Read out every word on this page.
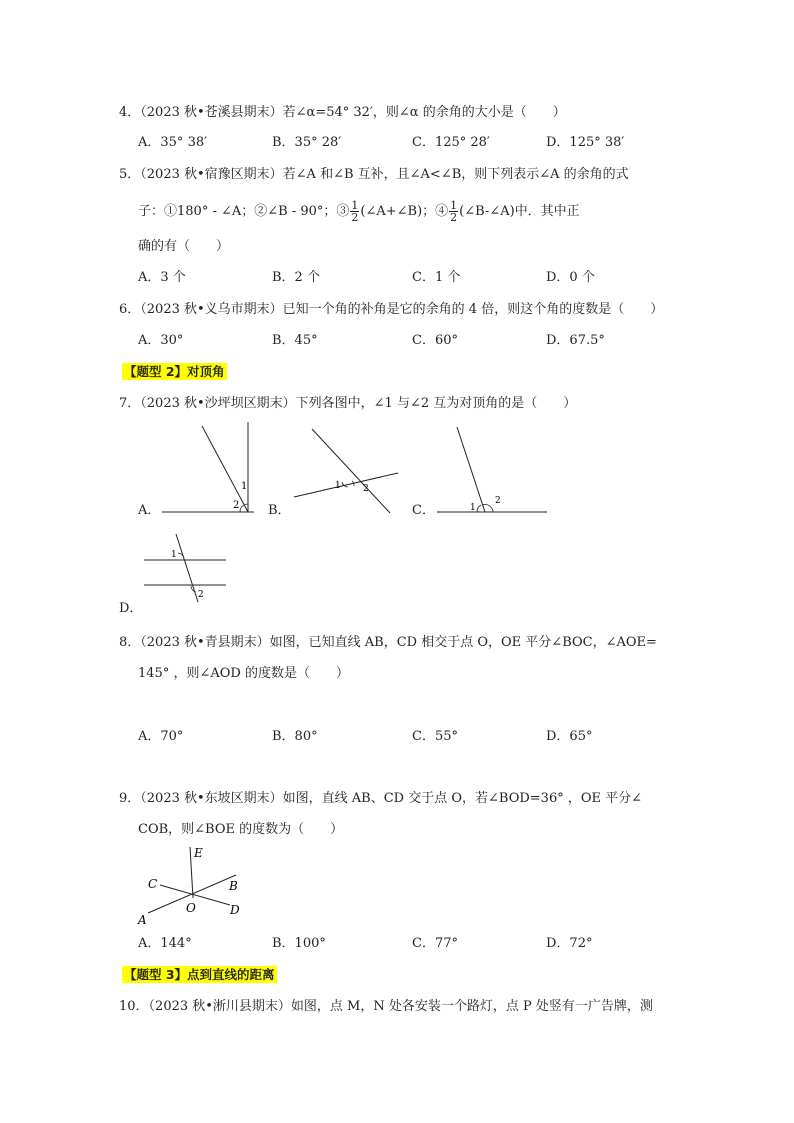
4．（2023 秋•苍溪县期末）若∠α=54° 32′，则∠α 的余角的大小是（　　）
A．35° 38′	B．35° 28′	C．125° 28′	D．125° 38′
5．（2023 秋•宿豫区期末）若∠A 和∠B 互补，且∠A<∠B，则下列表示∠A 的余角的式
子：①180° - ∠A；②∠B - 90°；③ $\frac{1}{2}$ (∠A+∠B)；④ $\frac{1}{2}$ (∠B-∠A)中．其中正
确的有（　　）
A．3 个	B．2 个	C．1 个	D．0 个
6．（2023 秋•义乌市期末）已知一个角的补角是它的余角的 4 倍，则这个角的度数是（　　）
A．30°	B．45°	C．60°	D．67.5°
【题型 2】对顶角
7．（2023 秋•沙坪坝区期末）下列各图中，∠1 与∠2 互为对顶角的是（　　）
A．
1
2 B．
1 2
C．	1
2
D．
1
2
8．（2023 秋•青县期末）如图，已知直线 AB，CD 相交于点 O，OE 平分∠BOC，∠AOE=
145° ，则∠AOD 的度数是（　　）
A．70°	B．80°	C．55°	D．65°
9．（2023 秋•东坡区期末）如图，直线 AB、CD 交于点 O，若∠BOD=36° ，OE 平分∠
COB，则∠BOE 的度数为（　　）
E
C	B
A
O	D
A．144°	B．100°	C．77°	D．72°
【题型 3】点到直线的距离
10．（2023 秋•淅川县期末）如图，点 M，N 处各安装一个路灯，点 P 处竖有一广告牌，测
